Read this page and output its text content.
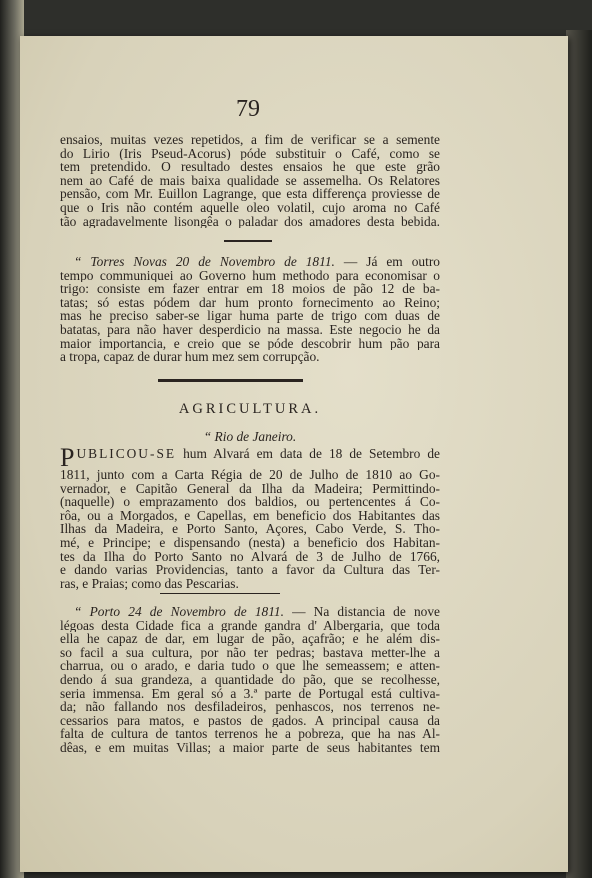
79
ensaios, muitas vezes repetidos, a fim de verificar se a semente
do Lirio (Iris Pseud-Acorus) póde substituir o Café, como se
tem pretendido. O resultado destes ensaios he que este grão
nem ao Café de mais baixa qualidade se assemelha. Os Relatores
pensão, com Mr. Euillon Lagrange, que esta differença proviesse de
que o Iris não contém aquelle oleo volatil, cujo aroma no Café
tão agradavelmente lisongêa o paladar dos amadores desta bebida.
“ Torres Novas 20 de Novembro de 1811. — Já em outro
tempo communiquei ao Governo hum methodo para economisar o
trigo: consiste em fazer entrar em 18 moios de pão 12 de ba-
tatas; só estas pódem dar hum pronto fornecimento ao Reino;
mas he preciso saber-se ligar huma parte de trigo com duas de
batatas, para não haver desperdicio na massa. Este negocio he da
maior importancia, e creio que se póde descobrir hum pão para
a tropa, capaz de durar hum mez sem corrupção.
AGRICULTURA.
“ Rio de Janeiro.
PUBLICOU-SE hum Alvará em data de 18 de Setembro de
1811, junto com a Carta Régia de 20 de Julho de 1810 ao Go-
vernador, e Capitão General da Ilha da Madeira; Permittindo-
(naquelle) o emprazamento dos baldios, ou pertencentes á Co-
rôa, ou a Morgados, e Capellas, em beneficio dos Habitantes das
Ilhas da Madeira, e Porto Santo, Açores, Cabo Verde, S. Tho-
mé, e Principe; e dispensando (nesta) a beneficio dos Habitan-
tes da Ilha do Porto Santo no Alvará de 3 de Julho de 1766,
e dando varias Providencias, tanto a favor da Cultura das Ter-
ras, e Praias; como das Pescarias.
“ Porto 24 de Novembro de 1811. — Na distancia de nove
légoas desta Cidade fica a grande gandra d' Albergaria, que toda
ella he capaz de dar, em lugar de pão, açafrão; e he além dis-
so facil a sua cultura, por não ter pedras; bastava metter-lhe a
charrua, ou o arado, e daria tudo o que lhe semeassem; e atten-
dendo á sua grandeza, a quantidade do pão, que se recolhesse,
seria immensa. Em geral só a 3.ª parte de Portugal está cultiva-
da; não fallando nos desfiladeiros, penhascos, nos terrenos ne-
cessarios para matos, e pastos de gados. A principal causa da
falta de cultura de tantos terrenos he a pobreza, que ha nas Al-
dêas, e em muitas Villas; a maior parte de seus habitantes tem
